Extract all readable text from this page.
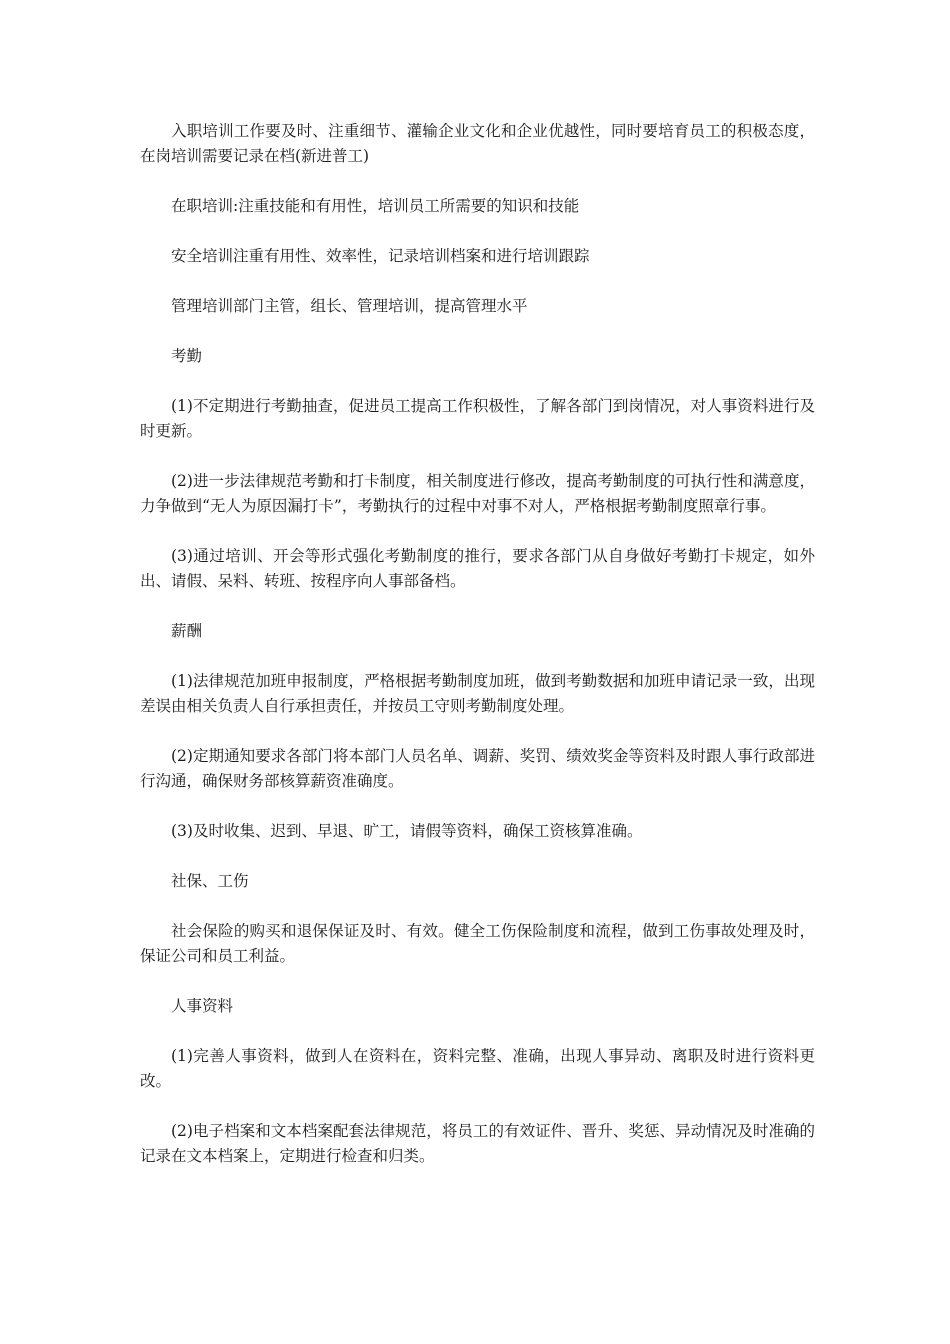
入职培训工作要及时、注重细节、灌输企业文化和企业优越性，同时要培育员工的积极态度，在岗培训需要记录在档(新进普工)

在职培训:注重技能和有用性，培训员工所需要的知识和技能

安全培训注重有用性、效率性，记录培训档案和进行培训跟踪

管理培训部门主管，组长、管理培训，提高管理水平

考勤

(1)不定期进行考勤抽查，促进员工提高工作积极性，了解各部门到岗情况，对人事资料进行及时更新。

(2)进一步法律规范考勤和打卡制度，相关制度进行修改，提高考勤制度的可执行性和满意度，力争做到“无人为原因漏打卡”，考勤执行的过程中对事不对人，严格根据考勤制度照章行事。

(3)通过培训、开会等形式强化考勤制度的推行，要求各部门从自身做好考勤打卡规定，如外出、请假、呆料、转班、按程序向人事部备档。

薪酬

(1)法律规范加班申报制度，严格根据考勤制度加班，做到考勤数据和加班申请记录一致，出现差误由相关负责人自行承担责任，并按员工守则考勤制度处理。

(2)定期通知要求各部门将本部门人员名单、调薪、奖罚、绩效奖金等资料及时跟人事行政部进行沟通，确保财务部核算薪资准确度。

(3)及时收集、迟到、早退、旷工，请假等资料，确保工资核算准确。

社保、工伤

社会保险的购买和退保保证及时、有效。健全工伤保险制度和流程，做到工伤事故处理及时，保证公司和员工利益。

人事资料

(1)完善人事资料，做到人在资料在，资料完整、准确，出现人事异动、离职及时进行资料更改。

(2)电子档案和文本档案配套法律规范，将员工的有效证件、晋升、奖惩、异动情况及时准确的记录在文本档案上，定期进行检查和归类。
